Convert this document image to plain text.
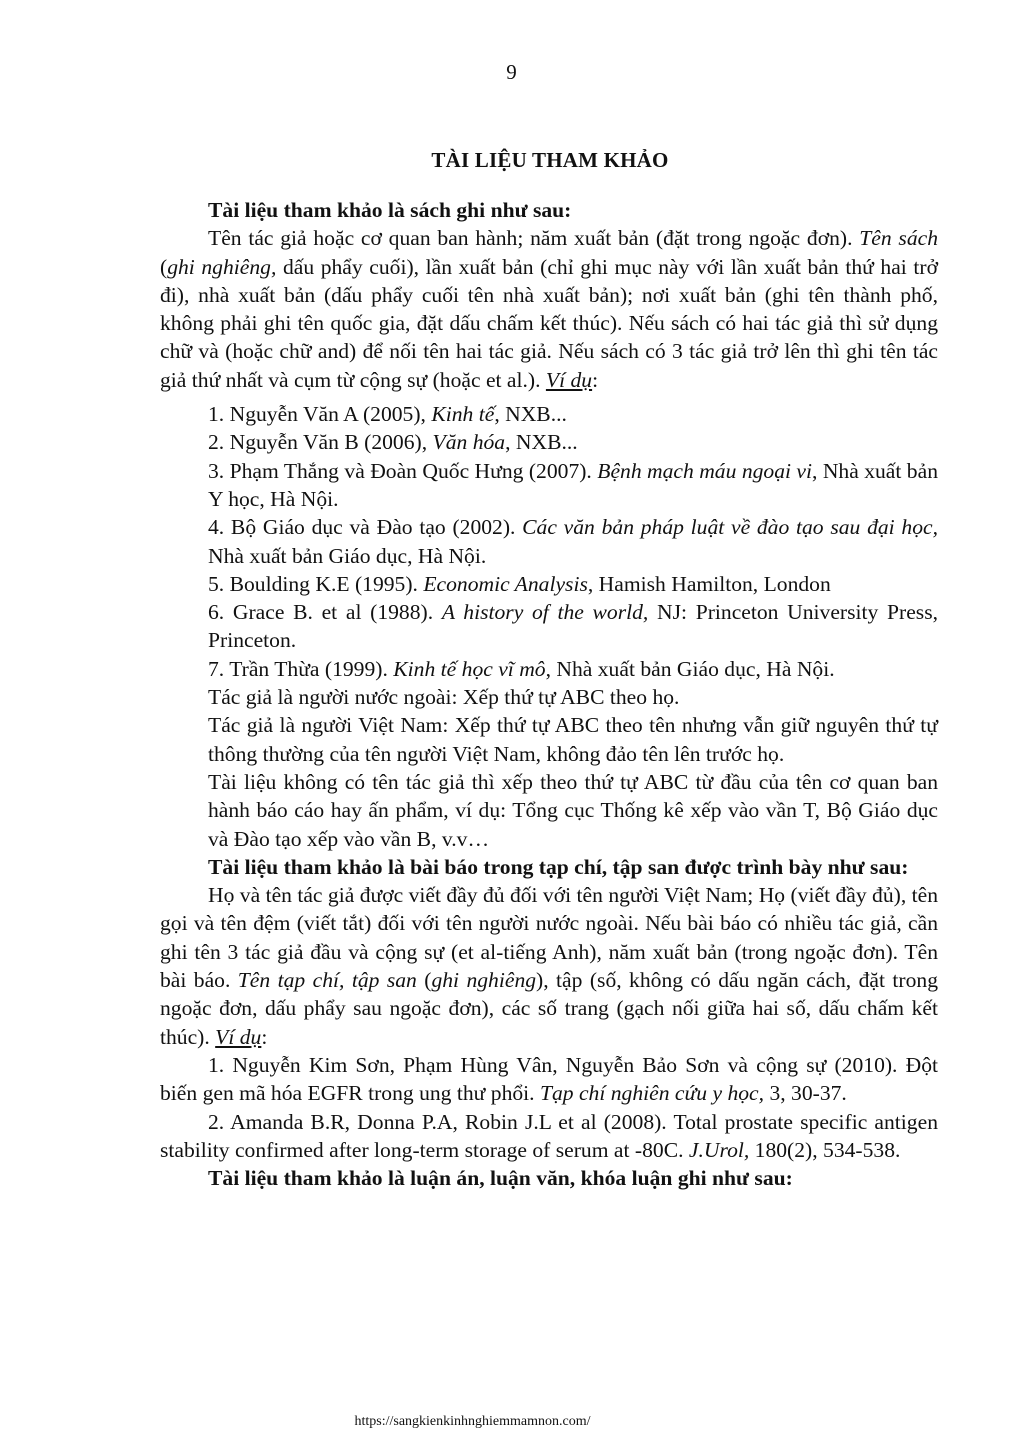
9
TÀI LIỆU THAM KHẢO

Tài liệu tham khảo là sách ghi như sau:

Tên tác giả hoặc cơ quan ban hành; năm xuất bản (đặt trong ngoặc đơn). Tên sách (ghi nghiêng, dấu phẩy cuối), lần xuất bản (chỉ ghi mục này với lần xuất bản thứ hai trở đi), nhà xuất bản (dấu phẩy cuối tên nhà xuất bản); nơi xuất bản (ghi tên thành phố, không phải ghi tên quốc gia, đặt dấu chấm kết thúc). Nếu sách có hai tác giả thì sử dụng chữ và (hoặc chữ and) để nối tên hai tác giả. Nếu sách có 3 tác giả trở lên thì ghi tên tác giả thứ nhất và cụm từ cộng sự (hoặc et al.). Ví dụ:

1. Nguyễn Văn A (2005), Kinh tế, NXB...

2. Nguyễn Văn B (2006), Văn hóa, NXB...

3. Phạm Thắng và Đoàn Quốc Hưng (2007). Bệnh mạch máu ngoại vi, Nhà xuất bản Y học, Hà Nội.

4. Bộ Giáo dục và Đào tạo (2002). Các văn bản pháp luật về đào tạo sau đại học, Nhà xuất bản Giáo dục, Hà Nội.

5. Boulding K.E (1995). Economic Analysis, Hamish Hamilton, London

6. Grace B. et al (1988). A history of the world, NJ: Princeton University Press, Princeton.

7. Trần Thừa (1999). Kinh tế học vĩ mô, Nhà xuất bản Giáo dục, Hà Nội.

Tác giả là người nước ngoài: Xếp thứ tự ABC theo họ.

Tác giả là người Việt Nam: Xếp thứ tự ABC theo tên nhưng vẫn giữ nguyên thứ tự thông thường của tên người Việt Nam, không đảo tên lên trước họ.

Tài liệu không có tên tác giả thì xếp theo thứ tự ABC từ đầu của tên cơ quan ban hành báo cáo hay ấn phẩm, ví dụ: Tổng cục Thống kê xếp vào vần T, Bộ Giáo dục và Đào tạo xếp vào vần B, v.v…

Tài liệu tham khảo là bài báo trong tạp chí, tập san được trình bày như sau:

Họ và tên tác giả được viết đầy đủ đối với tên người Việt Nam; Họ (viết đầy đủ), tên gọi và tên đệm (viết tắt) đối với tên người nước ngoài. Nếu bài báo có nhiều tác giả, cần ghi tên 3 tác giả đầu và cộng sự (et al-tiếng Anh), năm xuất bản (trong ngoặc đơn). Tên bài báo. Tên tạp chí, tập san (ghi nghiêng), tập (số, không có dấu ngăn cách, đặt trong ngoặc đơn, dấu phẩy sau ngoặc đơn), các số trang (gạch nối giữa hai số, dấu chấm kết thúc). Ví dụ:

1. Nguyễn Kim Sơn, Phạm Hùng Vân, Nguyễn Bảo Sơn và cộng sự (2010). Đột biến gen mã hóa EGFR trong ung thư phổi. Tạp chí nghiên cứu y học, 3, 30-37.

2. Amanda B.R, Donna P.A, Robin J.L et al (2008). Total prostate specific antigen stability confirmed after long-term storage of serum at -80C. J.Urol, 180(2), 534-538.

Tài liệu tham khảo là luận án, luận văn, khóa luận ghi như sau:

https://sangkienkinhnghiemmamnon.com/
